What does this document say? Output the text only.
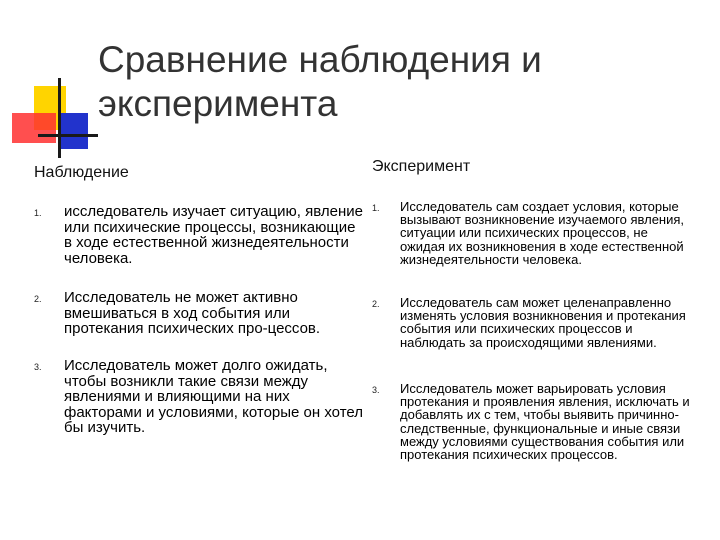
Сравнение наблюдения и эксперимента
Наблюдение	Эксперимент
1. исследователь изучает ситуацию, явление или психические процессы, возникающие в ходе естественной жизнедеятельности человека.

2. Исследователь не может активно вмешиваться в ход события или протекания психических про-цессов.

3. Исследователь может долго ожидать, чтобы возникли такие связи между явлениями и влияющими на них факторами и условиями, которые он хотел бы изучить.

1. Исследователь сам создает условия, которые вызывают возникновение изучаемого явления, ситуации или психических процессов, не ожидая их возникновения в ходе естественной жизнедеятельности человека.

2. Исследователь сам может целенаправленно изменять условия возникновения и протекания события или психических процессов и наблюдать за происходящими явлениями.

3. Исследователь может варьировать условия протекания и проявления явления, исключать и добавлять их с тем, чтобы выявить причинно-следственные, функциональные и иные связи между условиями существования события или протекания психических процессов.
